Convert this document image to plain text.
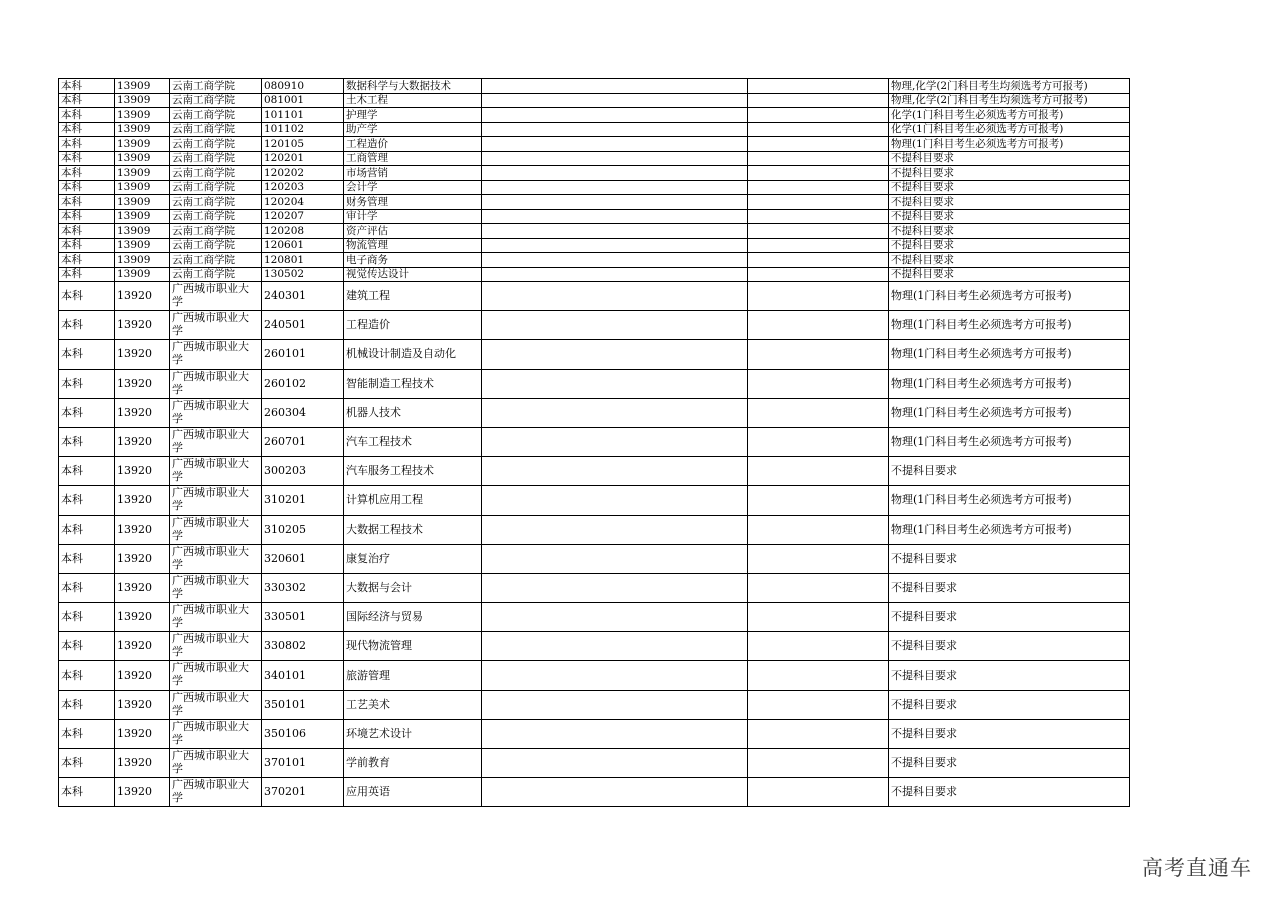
本科	13909	云南工商学院	080910	数据科学与大数据技术			物理,化学(2门科目考生均须选考方可报考)
本科	13909	云南工商学院	081001	土木工程			物理,化学(2门科目考生均须选考方可报考)
本科	13909	云南工商学院	101101	护理学			化学(1门科目考生必须选考方可报考)
本科	13909	云南工商学院	101102	助产学			化学(1门科目考生必须选考方可报考)
本科	13909	云南工商学院	120105	工程造价			物理(1门科目考生必须选考方可报考)
本科	13909	云南工商学院	120201	工商管理			不提科目要求
本科	13909	云南工商学院	120202	市场营销			不提科目要求
本科	13909	云南工商学院	120203	会计学			不提科目要求
本科	13909	云南工商学院	120204	财务管理			不提科目要求
本科	13909	云南工商学院	120207	审计学			不提科目要求
本科	13909	云南工商学院	120208	资产评估			不提科目要求
本科	13909	云南工商学院	120601	物流管理			不提科目要求
本科	13909	云南工商学院	120801	电子商务			不提科目要求
本科	13909	云南工商学院	130502	视觉传达设计			不提科目要求
本科	13920	广西城市职业大学	240301	建筑工程			物理(1门科目考生必须选考方可报考)
本科	13920	广西城市职业大学	240501	工程造价			物理(1门科目考生必须选考方可报考)
本科	13920	广西城市职业大学	260101	机械设计制造及自动化			物理(1门科目考生必须选考方可报考)
本科	13920	广西城市职业大学	260102	智能制造工程技术			物理(1门科目考生必须选考方可报考)
本科	13920	广西城市职业大学	260304	机器人技术			物理(1门科目考生必须选考方可报考)
本科	13920	广西城市职业大学	260701	汽车工程技术			物理(1门科目考生必须选考方可报考)
本科	13920	广西城市职业大学	300203	汽车服务工程技术			不提科目要求
本科	13920	广西城市职业大学	310201	计算机应用工程			物理(1门科目考生必须选考方可报考)
本科	13920	广西城市职业大学	310205	大数据工程技术			物理(1门科目考生必须选考方可报考)
本科	13920	广西城市职业大学	320601	康复治疗			不提科目要求
本科	13920	广西城市职业大学	330302	大数据与会计			不提科目要求
本科	13920	广西城市职业大学	330501	国际经济与贸易			不提科目要求
本科	13920	广西城市职业大学	330802	现代物流管理			不提科目要求
本科	13920	广西城市职业大学	340101	旅游管理			不提科目要求
本科	13920	广西城市职业大学	350101	工艺美术			不提科目要求
本科	13920	广西城市职业大学	350106	环境艺术设计			不提科目要求
本科	13920	广西城市职业大学	370101	学前教育			不提科目要求
本科	13920	广西城市职业大学	370201	应用英语			不提科目要求
高考直通车
